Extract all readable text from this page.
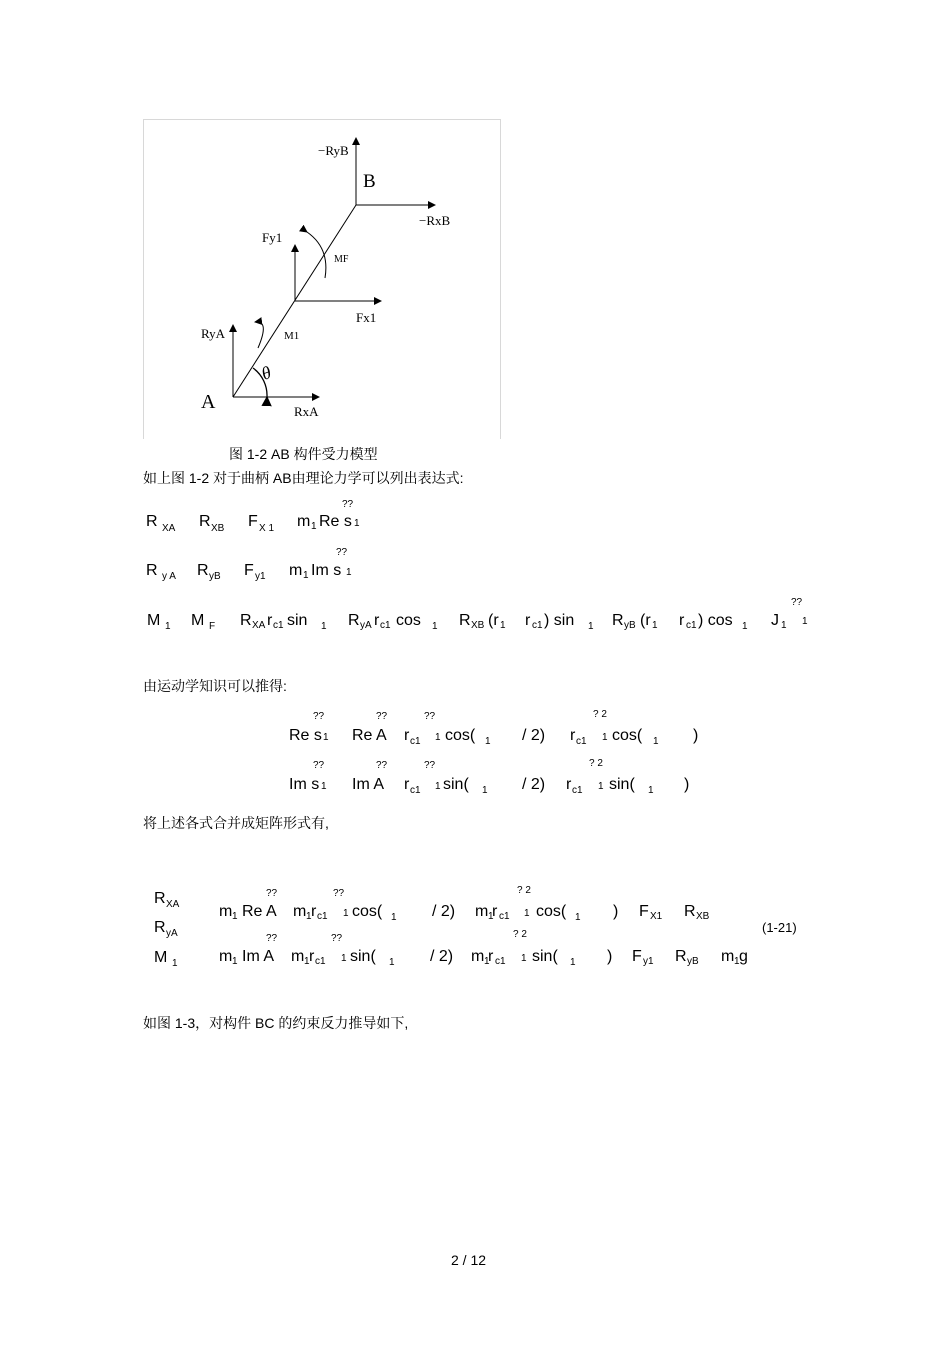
−RyB
B
−RxB
Fy1
MF
Fx1
RyA	M1
θ
A	RxA
图 1-2 AB 构件受力模型
如上图 1-2 对于曲柄 AB由理论力学可以列出表达式:
??
R XA R XB F X 1 m 1 Re s 1
??
R y A R yB F y1 m 1 Im s 1
??
M 1 M F R XA r c1 sin 1 R yA r c1 cos 1 R XB (r 1 r c1 ) sin 1 R yB (r 1 r c1 ) cos 1 J 1 1
由运动学知识可以推得:
??	??	??	? 2
Re s 1 Re A r c1 1 cos( 1 / 2) r c1 1 cos( 1 )
??	??	??	? 2
Im s 1 Im A r c1 1 sin( 1 / 2) r c1 1 sin( 1 )
将上述各式合并成矩阵形式有,
R XA
R yA
M 1
??	??	? 2
m 1 Re A m 1 r c1 1 cos( 1 / 2) m 1
r c1 1 cos( 1 ) F X1 R XB
(1-21)
??	??	? 2
m 1 Im A m 1 r c1 1 sin( 1 / 2) m 1
r c1 1 sin( 1 ) F y1 R yB m 1 g
如图 1-3，对构件 BC 的约束反力推导如下,
2 / 12
